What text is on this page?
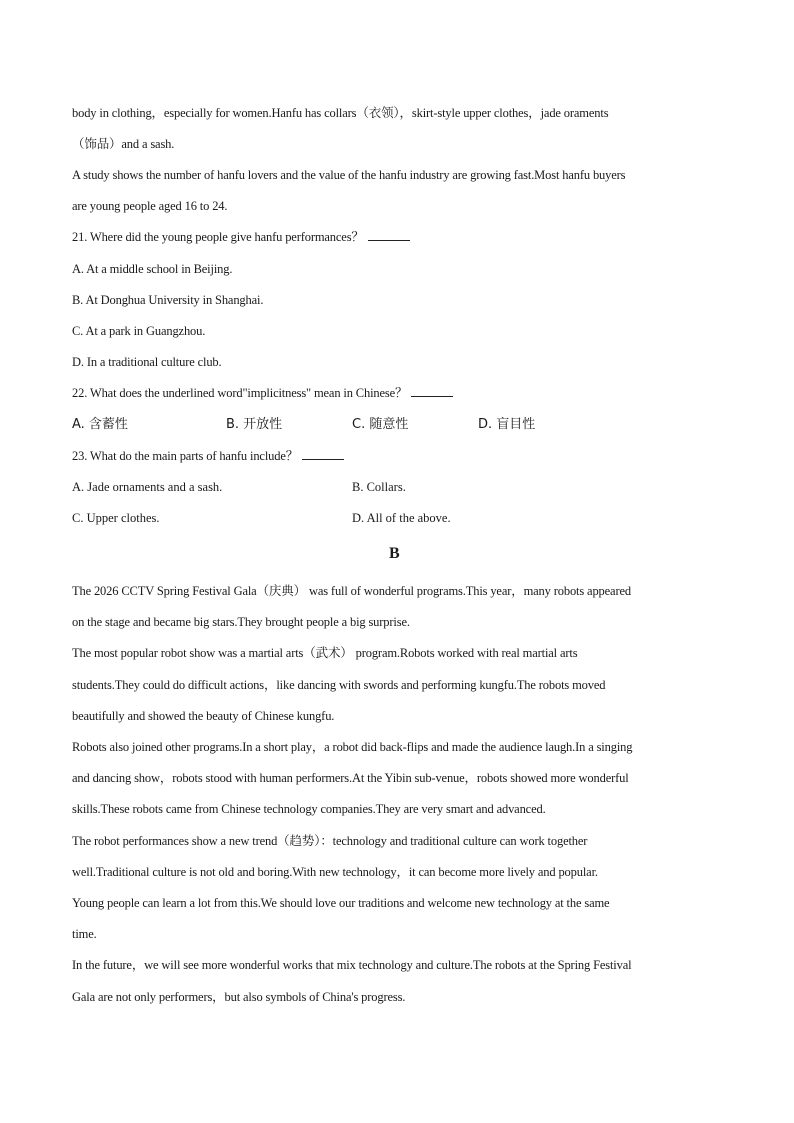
body in clothing，especially for women.Hanfu has collars（衣领），skirt-style upper clothes，jade oraments
（饰品）and a sash.
A study shows the number of hanfu lovers and the value of the hanfu industry are growing fast.Most hanfu buyers
are young people aged 16 to 24.
21. Where did the young people give hanfu performances？
A. At a middle school in Beijing.
B. At Donghua University in Shanghai.
C. At a park in Guangzhou.
D. In a traditional culture club.
22. What does the underlined word"implicitness" mean in Chinese？
A. 含蓄性	B. 开放性	C. 随意性	D. 盲目性
23. What do the main parts of hanfu include？
A. Jade ornaments and a sash.	B. Collars.
C. Upper clothes.	D. All of the above.
B
The 2026 CCTV Spring Festival Gala（庆典） was full of wonderful programs.This year，many robots appeared
on the stage and became big stars.They brought people a big surprise.
The most popular robot show was a martial arts（武术） program.Robots worked with real martial arts
students.They could do difficult actions，like dancing with swords and performing kungfu.The robots moved
beautifully and showed the beauty of Chinese kungfu.
Robots also joined other programs.In a short play，a robot did back-flips and made the audience laugh.In a singing
and dancing show，robots stood with human performers.At the Yibin sub-venue，robots showed more wonderful
skills.These robots came from Chinese technology companies.They are very smart and advanced.
The robot performances show a new trend（趋势）：technology and traditional culture can work together
well.Traditional culture is not old and boring.With new technology，it can become more lively and popular.
Young people can learn a lot from this.We should love our traditions and welcome new technology at the same
time.
In the future，we will see more wonderful works that mix technology and culture.The robots at the Spring Festival
Gala are not only performers，but also symbols of China's progress.
